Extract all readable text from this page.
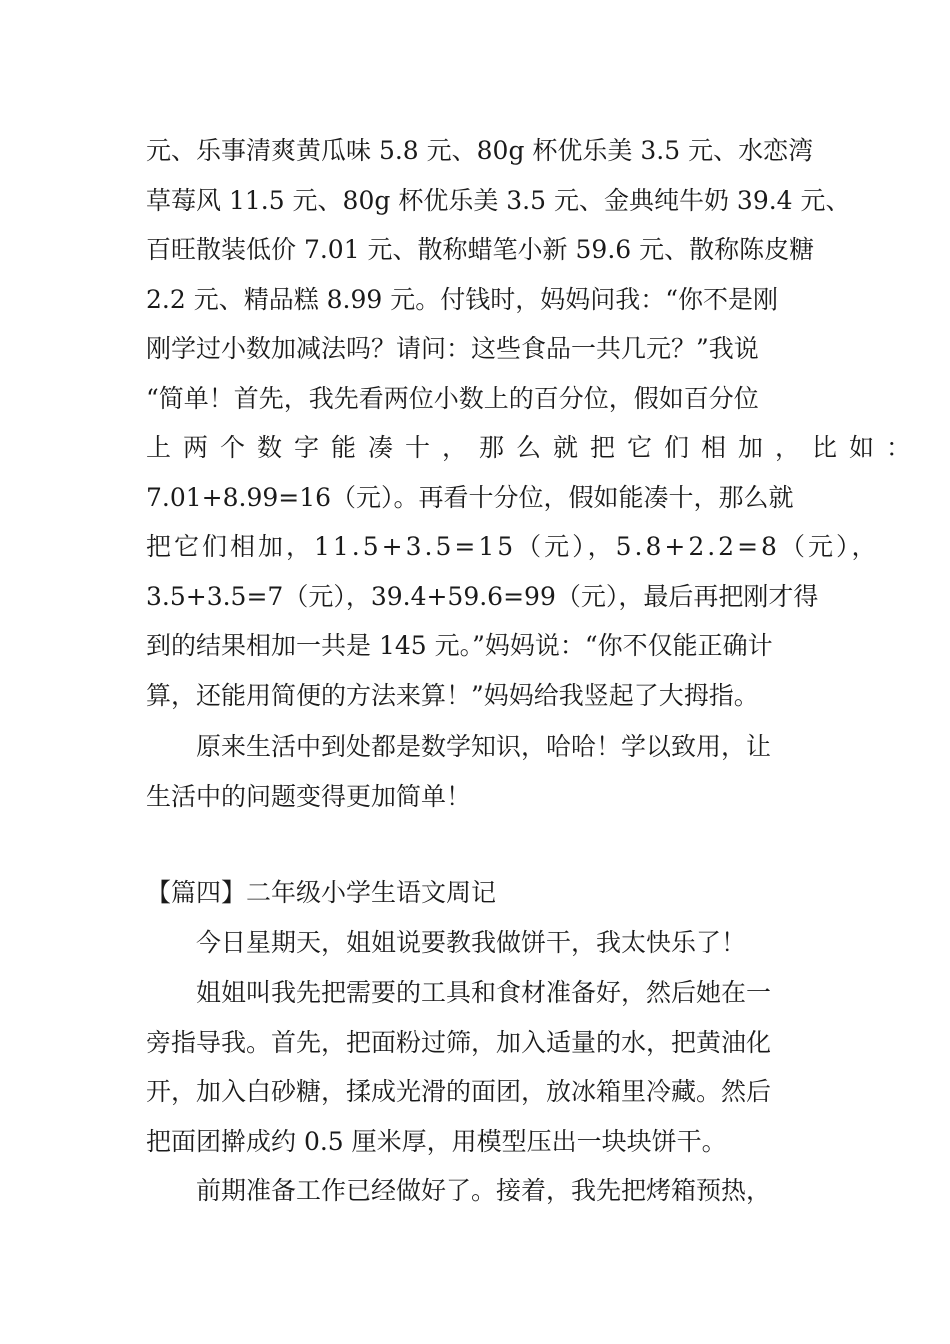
元、乐事清爽黄瓜味 5.8 元、80g 杯优乐美 3.5 元、水恋湾
草莓风 11.5 元、80g 杯优乐美 3.5 元、金典纯牛奶 39.4 元、
百旺散装低价 7.01 元、散称蜡笔小新 59.6 元、散称陈皮糖
2.2 元、精品糕 8.99 元。付钱时，妈妈问我：“你不是刚
刚学过小数加减法吗？请问：这些食品一共几元？”我说
“简单！首先，我先看两位小数上的百分位，假如百分位
上两个数字能凑十，那么就把它们相加，比如：
7.01+8.99=16（元）。再看十分位，假如能凑十，那么就
把它们相加，11.5+3.5=15（元），5.8+2.2=8（元），
3.5+3.5=7（元），39.4+59.6=99（元），最后再把刚才得
到的结果相加一共是 145 元。”妈妈说：“你不仅能正确计
算，还能用简便的方法来算！”妈妈给我竖起了大拇指。
原来生活中到处都是数学知识，哈哈！学以致用，让
生活中的问题变得更加简单！
【篇四】二年级小学生语文周记
今日星期天，姐姐说要教我做饼干，我太快乐了！
姐姐叫我先把需要的工具和食材准备好，然后她在一
旁指导我。首先，把面粉过筛，加入适量的水，把黄油化
开，加入白砂糖，揉成光滑的面团，放冰箱里冷藏。然后
把面团擀成约 0.5 厘米厚，用模型压出一块块饼干。
前期准备工作已经做好了。接着，我先把烤箱预热，
